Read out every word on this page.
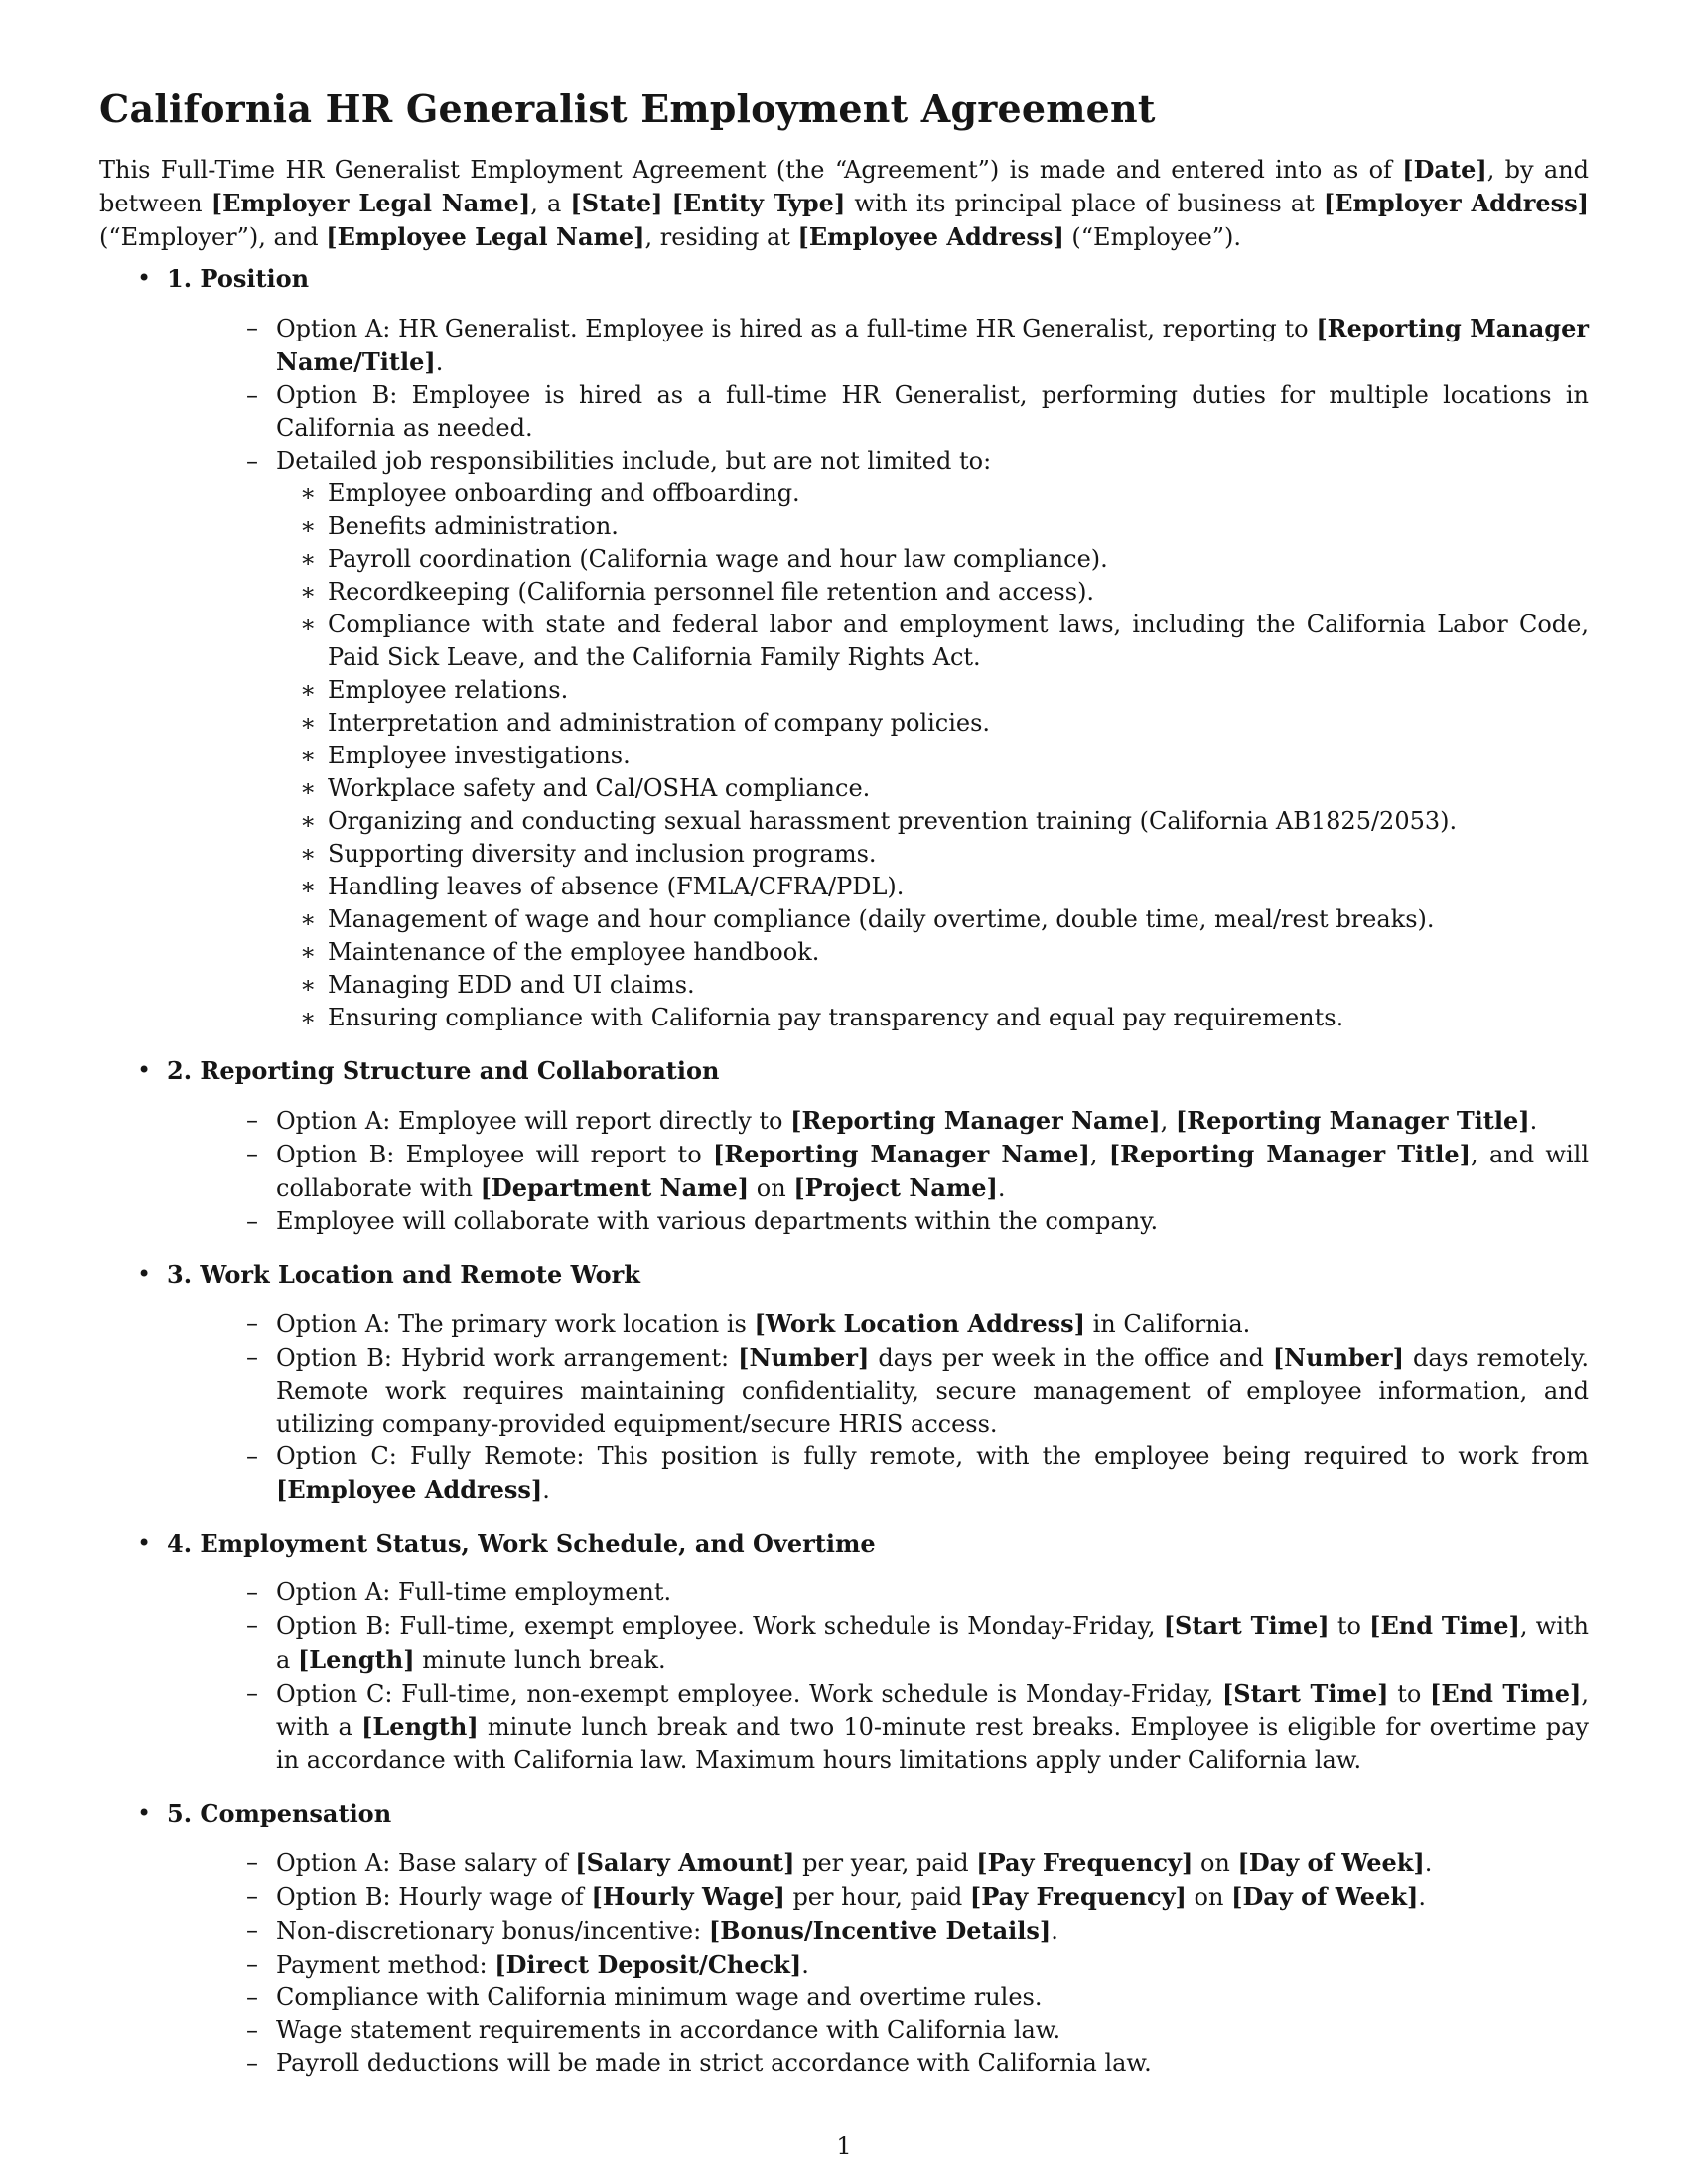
California HR Generalist Employment Agreement

This Full-Time HR Generalist Employment Agreement (the “Agreement”) is made and entered into as of [Date], by and between [Employer Legal Name], a [State] [Entity Type] with its principal place of business at [Employer Address] (“Employer”), and [Employee Legal Name], residing at [Employee Address] (“Employee”).

• 1. Position
– Option A: HR Generalist. Employee is hired as a full-time HR Generalist, reporting to [Reporting Manager Name/Title].
– Option B: Employee is hired as a full-time HR Generalist, performing duties for multiple locations in California as needed.
– Detailed job responsibilities include, but are not limited to:
∗ Employee onboarding and offboarding.
∗ Benefits administration.
∗ Payroll coordination (California wage and hour law compliance).
∗ Recordkeeping (California personnel file retention and access).
∗ Compliance with state and federal labor and employment laws, including the California Labor Code, Paid Sick Leave, and the California Family Rights Act.
∗ Employee relations.
∗ Interpretation and administration of company policies.
∗ Employee investigations.
∗ Workplace safety and Cal/OSHA compliance.
∗ Organizing and conducting sexual harassment prevention training (California AB1825/2053).
∗ Supporting diversity and inclusion programs.
∗ Handling leaves of absence (FMLA/CFRA/PDL).
∗ Management of wage and hour compliance (daily overtime, double time, meal/rest breaks).
∗ Maintenance of the employee handbook.
∗ Managing EDD and UI claims.
∗ Ensuring compliance with California pay transparency and equal pay requirements.
• 2. Reporting Structure and Collaboration
– Option A: Employee will report directly to [Reporting Manager Name], [Reporting Manager Title].
– Option B: Employee will report to [Reporting Manager Name], [Reporting Manager Title], and will collaborate with [Department Name] on [Project Name].
– Employee will collaborate with various departments within the company.
• 3. Work Location and Remote Work
– Option A: The primary work location is [Work Location Address] in California.
– Option B: Hybrid work arrangement: [Number] days per week in the office and [Number] days remotely. Remote work requires maintaining confidentiality, secure management of employee information, and utilizing company-provided equipment/secure HRIS access.
– Option C: Fully Remote: This position is fully remote, with the employee being required to work from [Employee Address].
• 4. Employment Status, Work Schedule, and Overtime
– Option A: Full-time employment.
– Option B: Full-time, exempt employee. Work schedule is Monday-Friday, [Start Time] to [End Time], with a [Length] minute lunch break.
– Option C: Full-time, non-exempt employee. Work schedule is Monday-Friday, [Start Time] to [End Time], with a [Length] minute lunch break and two 10-minute rest breaks. Employee is eligible for overtime pay in accordance with California law. Maximum hours limitations apply under California law.
• 5. Compensation
– Option A: Base salary of [Salary Amount] per year, paid [Pay Frequency] on [Day of Week].
– Option B: Hourly wage of [Hourly Wage] per hour, paid [Pay Frequency] on [Day of Week].
– Non-discretionary bonus/incentive: [Bonus/Incentive Details].
– Payment method: [Direct Deposit/Check].
– Compliance with California minimum wage and overtime rules.
– Wage statement requirements in accordance with California law.
– Payroll deductions will be made in strict accordance with California law.
1
